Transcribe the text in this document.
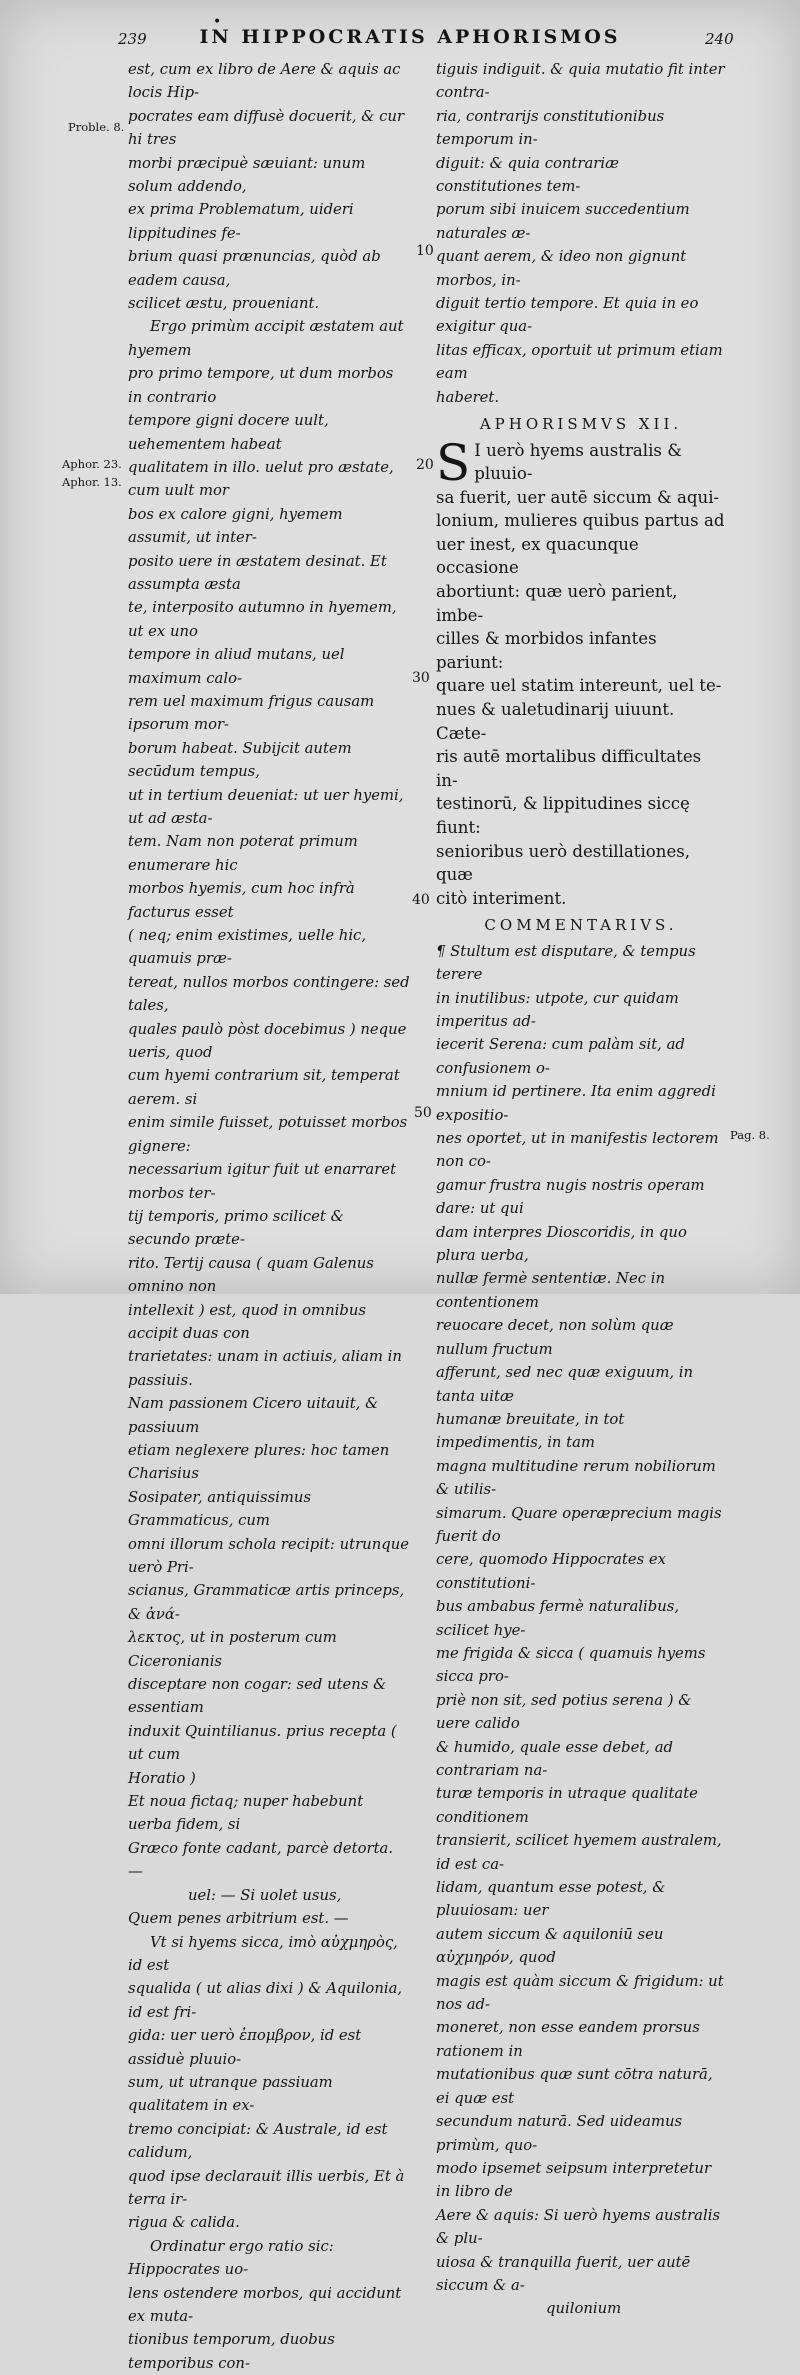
239
•
IN HIPPOCRATIS APHORISMOS	240

est, cum ex libro de Aere & aquis ac locis Hip-

pocrates eam diffusè docuerit, & cur hi tres

morbi præcipuè sæuiant: unum solum addendo,

ex prima Problematum, uideri lippitudines fe-

brium quasi prænuncias, quòd ab eadem causa,

scilicet æstu, proueniant.

Ergo primùm accipit æstatem aut hyemem

pro primo tempore, ut dum morbos in contrario

tempore gigni docere uult, uehementem habeat

qualitatem in illo. uelut pro æstate, cum uult mor

bos ex calore gigni, hyemem assumit, ut inter-

posito uere in æstatem desinat. Et assumpta æsta

te, interposito autumno in hyemem, ut ex uno

tempore in aliud mutans, uel maximum calo-

rem uel maximum frigus causam ipsorum mor-

borum habeat. Subijcit autem secūdum tempus,

ut in tertium deueniat: ut uer hyemi, ut ad æsta-

tem. Nam non poterat primum enumerare hic

morbos hyemis, cum hoc infrà facturus esset

( neq; enim existimes, uelle hic, quamuis præ-

tereat, nullos morbos contingere: sed tales,

quales paulò pòst docebimus ) neque ueris, quod

cum hyemi contrarium sit, temperat aerem. si

enim simile fuisset, potuisset morbos gignere:

necessarium igitur fuit ut enarraret morbos ter-

tij temporis, primo scilicet & secundo præte-

rito. Tertij causa ( quam Galenus omnino non

intellexit ) est, quod in omnibus accipit duas con

trarietates: unam in actiuis, aliam in passiuis.

Nam passionem Cicero uitauit, & passiuum

etiam neglexere plures: hoc tamen Charisius

Sosipater, antiquissimus Grammaticus, cum

omni illorum schola recipit: utrunque uerò Pri-

scianus, Grammaticæ artis princeps, & ἀνά-

λεκτος, ut in posterum cum Ciceronianis

disceptare non cogar: sed utens & essentiam

induxit Quintilianus. prius recepta ( ut cum

Horatio )

Et noua fictaq; nuper habebunt uerba fidem, si

Græco fonte cadant, parcè detorta. —

uel: — Si uolet usus,

Quem penes arbitrium est. —

Vt si hyems sicca, imò αὐχμηρὸς, id est

squalida ( ut alias dixi ) & Aquilonia, id est fri-

gida: uer uerò ἐπομβρον, id est assiduè pluuio-

sum, ut utranque passiuam qualitatem in ex-

tremo concipiat: & Australe, id est calidum,

quod ipse declarauit illis uerbis, Et à terra ir-

rigua & calida.

Ordinatur ergo ratio sic: Hippocrates uo-

lens ostendere morbos, qui accidunt ex muta-

tionibus temporum, duobus temporibus con-

tiguis indiguit. & quia mutatio fit inter contra-

ria, contrarijs constitutionibus temporum in-

diguit: & quia contrariæ constitutiones tem-

porum sibi inuicem succedentium naturales æ-

quant aerem, & ideo non gignunt morbos, in-

diguit tertio tempore. Et quia in eo exigitur qua-

litas efficax, oportuit ut primum etiam eam

haberet.

APHORISMVS XII.

S I uerò hyems australis & pluuio-

sa fuerit, uer autē siccum & aqui-

lonium, mulieres quibus partus ad

uer inest, ex quacunque occasione

abortiunt: quæ uerò parient, imbe-

cilles & morbidos infantes pariunt:

quare uel statim intereunt, uel te-

nues & ualetudinarij uiuunt. Cæte-

ris autē mortalibus difficultates in-

testinorū, & lippitudines siccę fiunt:

senioribus uerò destillationes, quæ

citò interiment.

COMMENTARIVS.

¶ Stultum est disputare, & tempus terere

in inutilibus: utpote, cur quidam imperitus ad-

iecerit Serena: cum palàm sit, ad confusionem o-

mnium id pertinere. Ita enim aggredi expositio-

nes oportet, ut in manifestis lectorem non co-

gamur frustra nugis nostris operam dare: ut qui

dam interpres Dioscoridis, in quo plura uerba,

nullæ fermè sententiæ. Nec in contentionem

reuocare decet, non solùm quæ nullum fructum

afferunt, sed nec quæ exiguum, in tanta uitæ

humanæ breuitate, in tot impedimentis, in tam

magna multitudine rerum nobiliorum & utilis-

simarum. Quare operæprecium magis fuerit do

cere, quomodo Hippocrates ex constitutioni-

bus ambabus fermè naturalibus, scilicet hye-

me frigida & sicca ( quamuis hyems sicca pro-

priè non sit, sed potius serena ) & uere calido

& humido, quale esse debet, ad contrariam na-

turæ temporis in utraque qualitate conditionem

transierit, scilicet hyemem australem, id est ca-

lidam, quantum esse potest, & pluuiosam: uer

autem siccum & aquiloniū seu αὐχμηρόν, quod

magis est quàm siccum & frigidum: ut nos ad-

moneret, non esse eandem prorsus rationem in

mutationibus quæ sunt cōtra naturā, ei quæ est

secundum naturā. Sed uideamus primùm, quo-

modo ipsemet seipsum interpretetur in libro de

Aere & aquis: Si uerò hyems australis & plu-

uiosa & tranquilla fuerit, uer autē siccum & a-

quilonium

Proble. 8.
Aphor. 23.
Aphor. 13.
Pag. 8.
10
20
30
40
50
